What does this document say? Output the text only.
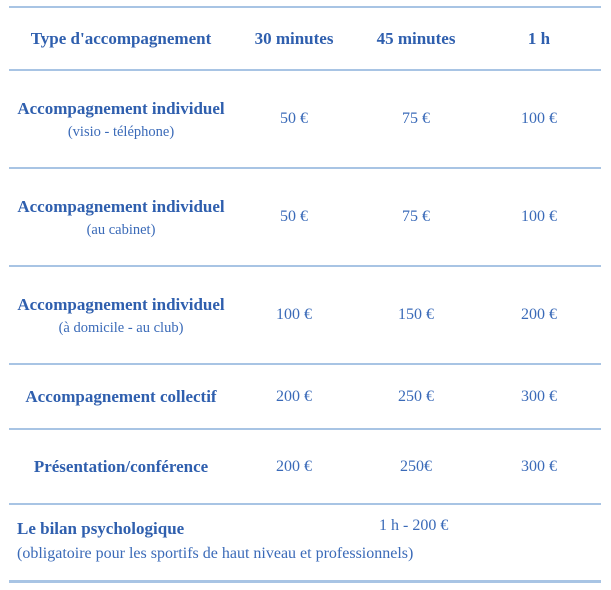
Type d'accompagnement	30 minutes	45 minutes	1 h
Accompagnement individuel
(visio - téléphone)
50 €	75 €	100 €
Accompagnement individuel
(au cabinet)
50 €	75 €	100 €
Accompagnement individuel
(à domicile - au club)
100 €	150 €	200 €
Accompagnement collectif	200 €	250 €	300 €
Présentation/conférence	200 €	250€	300 €
Le bilan psychologique	1 h - 200 €
(obligatoire pour les sportifs de haut niveau et professionnels)
